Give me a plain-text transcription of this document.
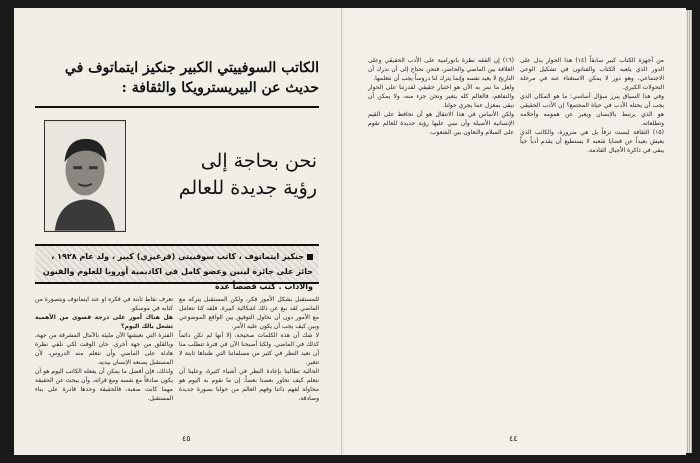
الكاتب السوفييتي الكبير جنكيز ايتماتوف في حديث عن البيريسترويكا والثقافة :
نحن بحاجة إلى
رؤية جديدة للعالم
جنكيز ايتماتوف ، كاتب سوفييتي (قرغيزي) كبير ، ولد عام ١٩٢٨ ، حائز على جائزة لينين وعضو كامل في اكاديمية أوروبا للعلوم والفنون والآداب . كتب قصصاً عدة

للمستقبل بشكل الأمور فكر، ولكن المستقبل يتركه مع الماضي لقد نبع عن ذلك اشكالية كبيرة. فلقد كنا نتعامل مع الأمور دون أن نحاول التوفيق بين الواقع الموضوعي وبين كيف يجب أن يكون عليه الأمر.

لا شك أن هذه الكلمات صحيحة، إلا أنها لم تكن دائماً كذلك في الماضي. ولكنا أصبحنا الآن في فترة تتطلب منا أن نعيد النظر في كثير من مسلماتنا التي ظنناها ثابتة لا تتغير.

الحالية تطالبنا بإعادة النظر في أشياء كثيرة، وعلينا أن نتعلم كيف نحاور بعضنا بعضاً. إن ما نقوم به اليوم هو محاولة لفهم ذاتنا وفهم العالم من حولنا بصورة جديدة وصادقة.

تعرف نقاط ثابتة في فكره او عند ايتماتوف ويتصورة من كتابه في موسكو.

هل هناك أمور على درجة قصوى من الأهمية تشغل بالك اليوم؟

الفترة التي نعيشها الآن مليئة بالآمال المشرقة من جهة، وبالقلق من جهة أخرى. حان الوقت لكي نلقي نظرة هادئة على الماضي وأن نتعلم منه الدروس، لأن المستقبل يصنعه الإنسان بيديه.

ولذلك، فإن أفضل ما يمكن أن يفعله الكاتب اليوم هو أن يكون صادقاً مع نفسه ومع قرائه، وأن يبحث عن الحقيقة مهما كانت صعبة، فالحقيقة وحدها قادرة على بناء المستقبل.

٤٥

من أجهزة الكتاب كبير سابقاً (١٤) هذا الحوار يدل على الدور الذي يلعبه الكتاب والفنانون في تشكيل الوعي الاجتماعي، وهو دور لا يمكن الاستغناء عنه في مرحلة التحولات الكبرى.

وفي هذا السياق يبرز سؤال أساسي: ما هو المكان الذي يجب أن يحتله الأدب في حياة المجتمع؟ إن الأدب الحقيقي هو الذي يرتبط بالإنسان ويعبر عن همومه وأحلامه وتطلعاته.

(١٥) الثقافة ليست ترفاً بل هي ضرورة، والكاتب الذي يعيش بعيداً عن قضايا شعبه لا يستطيع أن يقدم أدباً حياً يبقى في ذاكرة الأجيال القادمة.

(١٦) إن الفقه نظرة بانورامية على الأدب الحقيقي وعلى العلاقة بين الماضي والحاضر، فنحن نحتاج إلى أن ندرك أن التاريخ لا يعيد نفسه وإنما يترك لنا دروساً يجب أن نتعلمها.

ولعل ما نمر به الآن هو اختبار حقيقي لقدرتنا على الحوار والتفاهم، فالعالم كله يتغير ونحن جزء منه، ولا يمكن أن نبقى بمعزل عما يجري حولنا.

ولكن الأساس في هذا الانتقال هو أن نحافظ على القيم الإنسانية الأصيلة وأن نبني عليها رؤية جديدة للعالم تقوم على السلام والتعاون بين الشعوب.

٤٤
